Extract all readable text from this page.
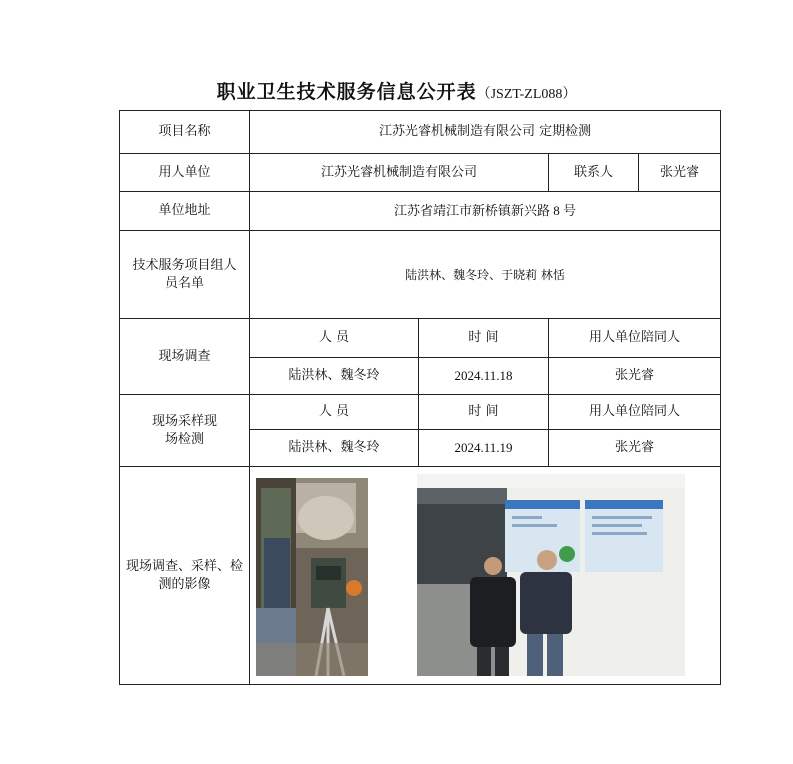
职业卫生技术服务信息公开表（JSZT-ZL088）
项目名称	江苏光睿机械制造有限公司 定期检测			
用人单位	江苏光睿机械制造有限公司		联系人	张光睿
单位地址	江苏省靖江市新桥镇新兴路 8 号			
技术服务项目组人员名单	陆洪林、魏冬玲、于晓莉 林恬			
现场调查	人 员	时 间	用人单位陪同人	
	陆洪林、魏冬玲	2024.11.18	张光睿	
现场采样现场检测	人 员	时 间	用人单位陪同人	
	陆洪林、魏冬玲	2024.11.19	张光睿	
现场调查、采样、检测的影像				
